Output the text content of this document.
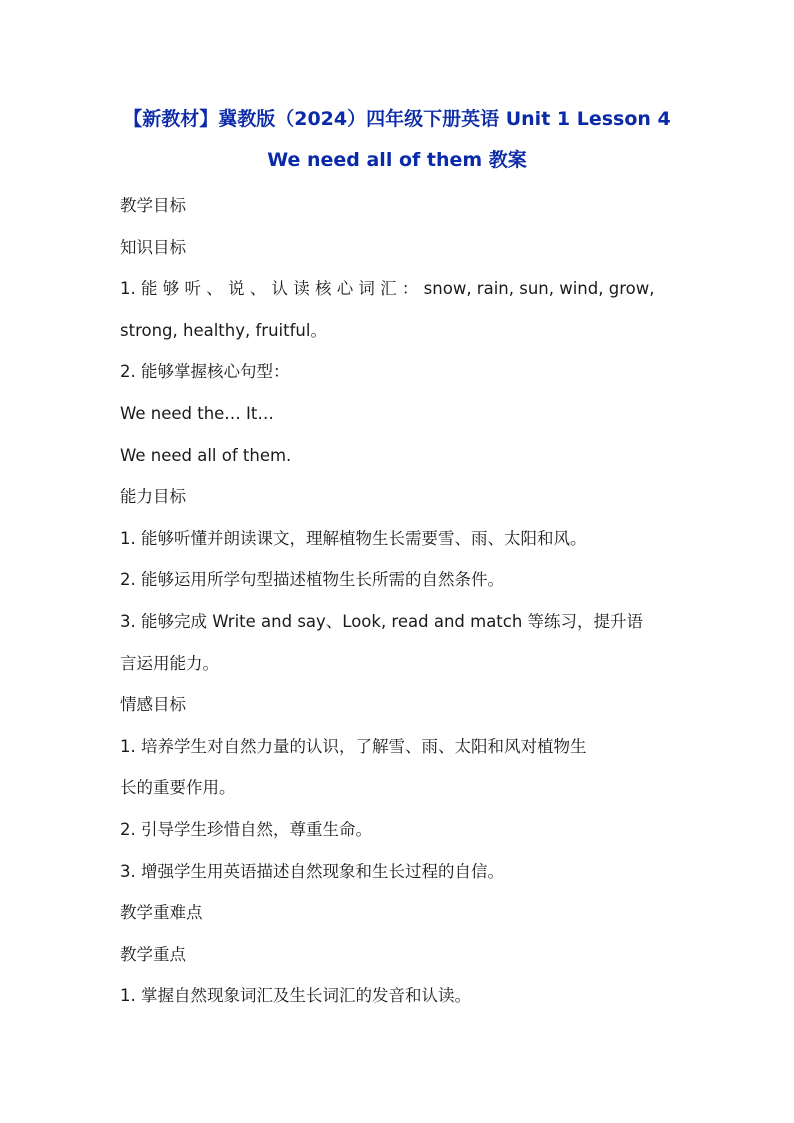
【新教材】冀教版（2024）四年级下册英语 Unit 1 Lesson 4
We need all of them 教案
教学目标
知识目标
1. 能 够 听 、 说 、 认 读 核 心 词 汇 ： snow, rain, sun, wind, grow,
strong, healthy, fruitful。
2. 能够掌握核心句型：
We need the… It…
We need all of them.
能力目标
1. 能够听懂并朗读课文，理解植物生长需要雪、雨、太阳和风。
2. 能够运用所学句型描述植物生长所需的自然条件。
3. 能够完成 Write and say、Look, read and match 等练习，提升语
言运用能力。
情感目标
1. 培养学生对自然力量的认识，了解雪、雨、太阳和风对植物生
长的重要作用。
2. 引导学生珍惜自然，尊重生命。
3. 增强学生用英语描述自然现象和生长过程的自信。
教学重难点
教学重点
1. 掌握自然现象词汇及生长词汇的发音和认读。
